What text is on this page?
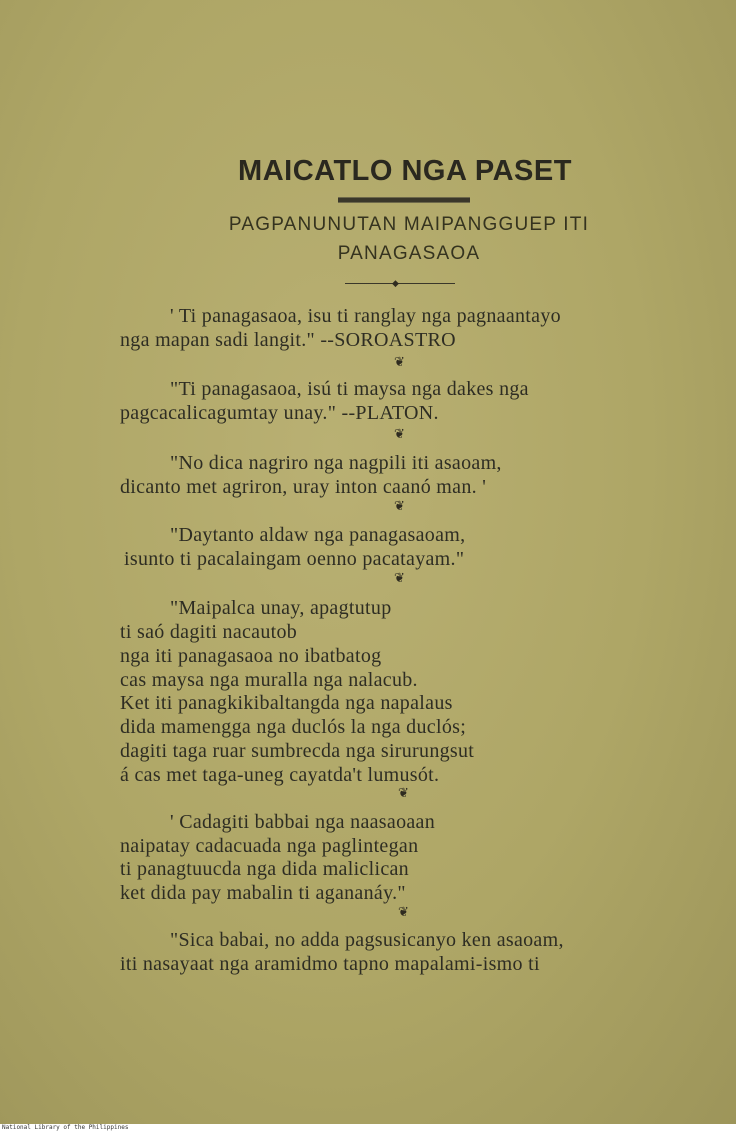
MAICATLO NGA PASET
PAGPANUNUTAN MAIPANGGUEP ITI
PANAGASAOA
◆
' Ti panagasaoa, isu ti ranglay nga pagnaantayo
nga mapan sadi langit." --SOROASTRO
❦
"Ti panagasaoa, isú ti maysa nga dakes nga
pagcacalicagumtay unay." --PLATON.
❦
"No dica nagriro nga nagpili iti asaoam,
dicanto met agriron, uray inton caanó man. '
❦
"Daytanto aldaw nga panagasaoam,
isunto ti pacalaingam oenno pacatayam."
❦
"Maipalca unay, apagtutup
ti saó dagiti nacautob
nga iti panagasaoa no ibatbatog
cas maysa nga muralla nga nalacub.
Ket iti panagkikibaltangda nga napalaus
dida mamengga nga duclós la nga duclós;
dagiti taga ruar sumbrecda nga sirurungsut
á cas met taga-uneg cayatda't lumusót.
❦
' Cadagiti babbai nga naasaoaan
naipatay cadacuada nga paglintegan
ti panagtuucda nga dida maliclican
ket dida pay mabalin ti agananáy."
❦
"Sica babai, no adda pagsusicanyo ken asaoam,
iti nasayaat nga aramidmo tapno mapalami-ismo ti
National Library of the Philippines
